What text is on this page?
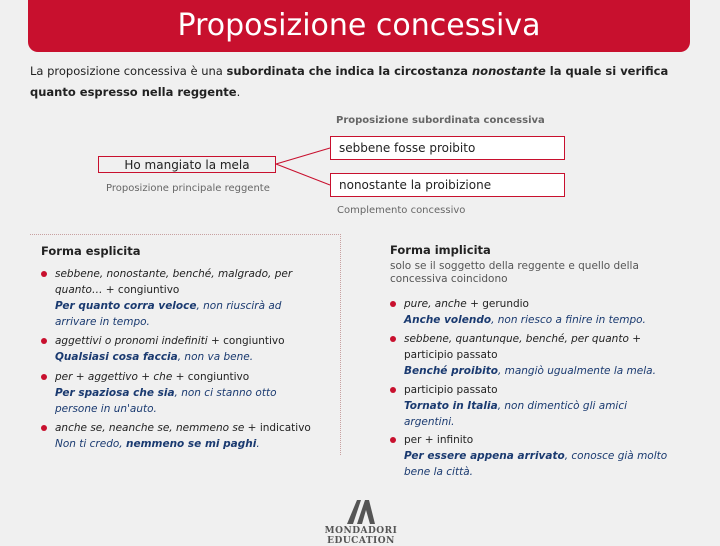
Proposizione concessiva
La proposizione concessiva è una subordinata che indica la circostanza nonostante la quale si verifica quanto espresso nella reggente.
Proposizione subordinata concessiva
sebbene fosse proibito
Ho mangiato la mela
Proposizione principale reggente	nonostante la proibizione
Complemento concessivo
Forma esplicita
sebbene, nonostante, benché, malgrado, per quanto… + congiuntivo
Per quanto corra veloce, non riuscirà ad arrivare in tempo.
aggettivi o pronomi indefiniti + congiuntivo
Qualsiasi cosa faccia, non va bene.
per + aggettivo + che + congiuntivo
Per spaziosa che sia, non ci stanno otto persone in un'auto.
anche se, neanche se, nemmeno se + indicativo
Non ti credo, nemmeno se mi paghi.
Forma implicita
solo se il soggetto della reggente e quello della concessiva coincidono
pure, anche + gerundio
Anche volendo, non riesco a finire in tempo.
sebbene, quantunque, benché, per quanto + participio passato
Benché proibito, mangiò ugualmente la mela.
participio passato
Tornato in Italia, non dimenticò gli amici argentini.
per + infinito
Per essere appena arrivato, conosce già molto bene la città.
MONDADORI EDUCATION
